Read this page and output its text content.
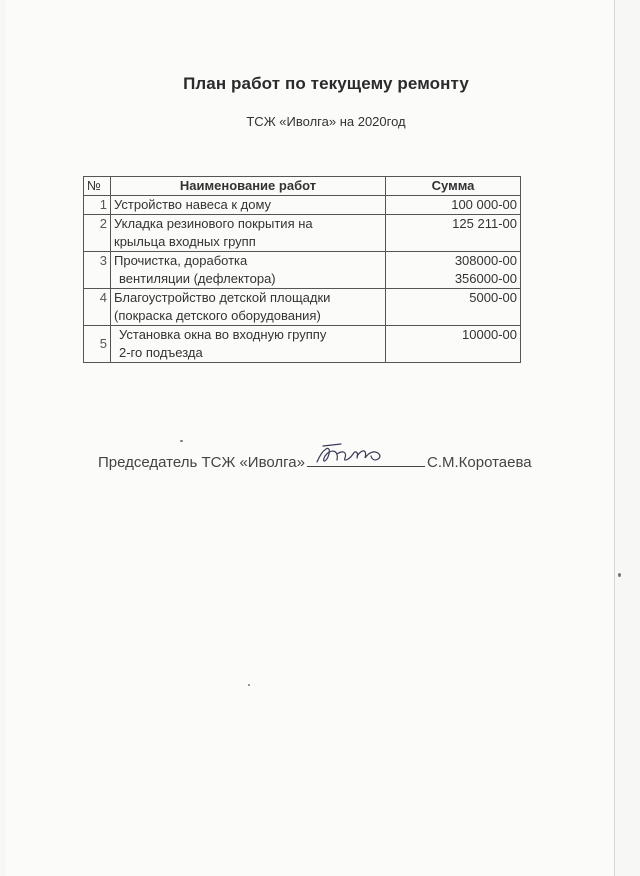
План работ по текущему ремонту
ТСЖ «Иволга» на 2020год
№	Наименование работ	Сумма
1	Устройство навеса к дому	100 000-00

2	Укладка резинового покрытия на
крыльца входных групп	125 211-00

3	Прочистка, доработка
вентиляции (дефлектора)	308000-00
356000-00

4	Благоустройство детской площадки
(покраска детского оборудования)	5000-00

5	Установка окна во входную группу
2-го подъезда	10000-00
Председатель ТСЖ «Иволга»	С.М.Коротаева
